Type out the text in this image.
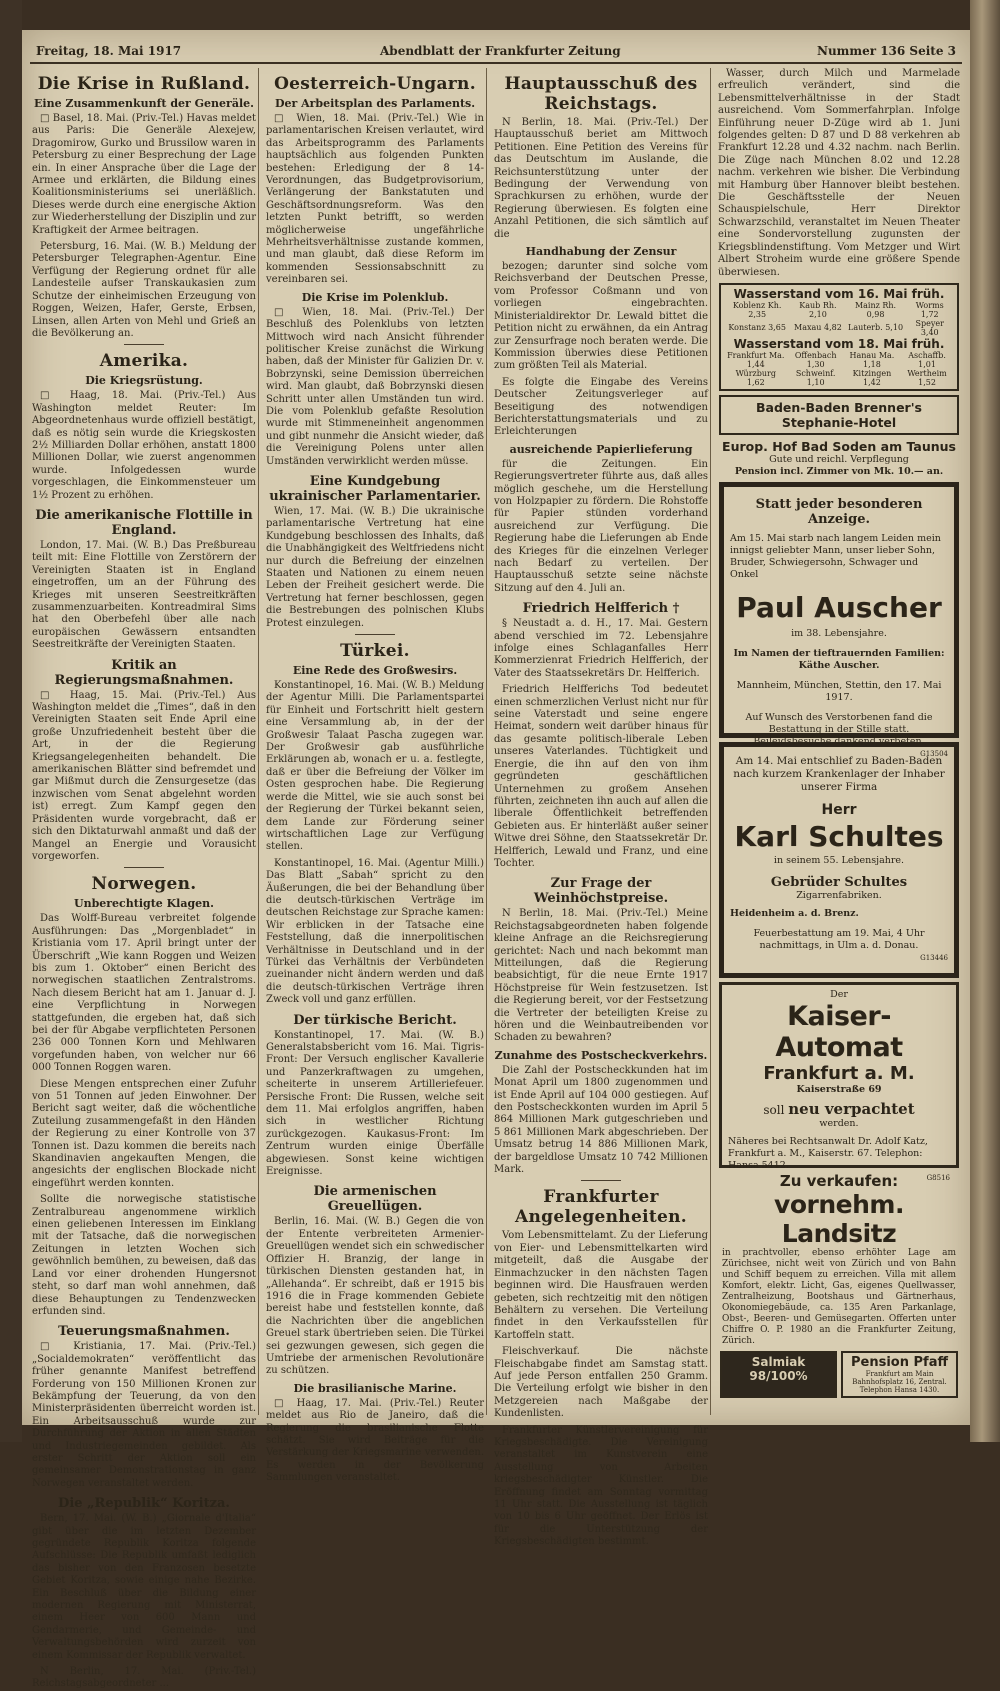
Freitag, 18. Mai 1917	Abendblatt der Frankfurter Zeitung	Nummer 136 Seite 3
Die Krise in Rußland.
Eine Zusammenkunft der Generäle.

□ Basel, 18. Mai. (Priv.-Tel.) Havas meldet aus Paris: Die Generäle Alexejew, Dragomirow, Gurko und Brussilow waren in Petersburg zu einer Besprechung der Lage ein. In einer Ansprache über die Lage der Armee und erklärten, die Bildung eines Koalitionsministeriums sei unerläßlich. Dieses werde durch eine energische Aktion zur Wiederherstellung der Disziplin und zur Kraftigkeit der Armee beitragen.

Petersburg, 16. Mai. (W. B.) Meldung der Petersburger Telegraphen-Agentur. Eine Verfügung der Regierung ordnet für alle Landesteile aufser Transkaukasien zum Schutze der einheimischen Erzeugung von Roggen, Weizen, Hafer, Gerste, Erbsen, Linsen, allen Arten von Mehl und Grieß an die Bevölkerung an.

Amerika.
Die Kriegsrüstung.

□ Haag, 18. Mai. (Priv.-Tel.) Aus Washington meldet Reuter: Im Abgeordnetenhaus wurde offiziell bestätigt, daß es nötig sein wurde die Kriegskosten 2½ Milliarden Dollar erhöhen, anstatt 1800 Millionen Dollar, wie zuerst angenommen wurde. Infolgedessen wurde vorgeschlagen, die Einkommensteuer um 1½ Prozent zu erhöhen.

Die amerikanische Flottille in England.

London, 17. Mai. (W. B.) Das Preßbureau teilt mit: Eine Flottille von Zerstörern der Vereinigten Staaten ist in England eingetroffen, um an der Führung des Krieges mit unseren Seestreitkräften zusammenzuarbeiten. Kontreadmiral Sims hat den Oberbefehl über alle nach europäischen Gewässern entsandten Seestreitkräfte der Vereinigten Staaten.

Kritik an Regierungsmaßnahmen.

□ Haag, 15. Mai. (Priv.-Tel.) Aus Washington meldet die „Times“, daß in den Vereinigten Staaten seit Ende April eine große Unzufriedenheit besteht über die Art, in der die Regierung Kriegsangelegenheiten behandelt. Die amerikanischen Blätter sind befremdet und gar Mißmut durch die Zensurgesetze (das inzwischen vom Senat abgelehnt worden ist) erregt. Zum Kampf gegen den Präsidenten wurde vorgebracht, daß er sich den Diktaturwahl anmaßt und daß der Mangel an Energie und Vorausicht vorgeworfen.

Norwegen.
Unberechtigte Klagen.

Das Wolff-Bureau verbreitet folgende Ausführungen: Das „Morgenbladet“ in Kristiania vom 17. April bringt unter der Überschrift „Wie kann Roggen und Weizen bis zum 1. Oktober“ einen Bericht des norwegischen staatlichen Zentralstroms. Nach diesem Bericht hat am 1. Januar d. J. eine Verpflichtung in Norwegen stattgefunden, die ergeben hat, daß sich bei der für Abgabe verpflichteten Personen 236 000 Tonnen Korn und Mehlwaren vorgefunden haben, von welcher nur 66 000 Tonnen Roggen waren.

Diese Mengen entsprechen einer Zufuhr von 51 Tonnen auf jeden Einwohner. Der Bericht sagt weiter, daß die wöchentliche Zuteilung zusammengefaßt in den Händen der Regierung zu einer Kontrolle von 37 Tonnen ist. Dazu kommen die bereits nach Skandinavien angekauften Mengen, die angesichts der englischen Blockade nicht eingeführt werden konnten.

Sollte die norwegische statistische Zentralbureau angenommene wirklich einen geliebenen Interessen im Einklang mit der Tatsache, daß die norwegischen Zeitungen in letzten Wochen sich gewöhnlich bemühen, zu beweisen, daß das Land vor einer drohenden Hungersnot steht, so darf man wohl annehmen, daß diese Behauptungen zu Tendenzwecken erfunden sind.

Teuerungsmaßnahmen.

□ Kristiania, 17. Mai. (Priv.-Tel.) „Socialdemokraten“ veröffentlicht das früher genannte Manifest betreffend Forderung von 150 Millionen Kronen zur Bekämpfung der Teuerung, da von den Ministerpräsidenten überreicht worden ist. Ein Arbeitsausschuß wurde zur Durchführung der Aktion in allen Städten und Industriegemeinden gebildet. Als erster Schritt der Aktion soll ein gemeinsamer Demonstrationstag in ganz Norwegen veranstaltet werden.

Die „Republik“ Koritza.

Bern, 17. Mai. (W. B.) „Giornale d'Italia“ gibt über die im letzten Dezember gegründete Republik Koritza folgende Aufschlüsse: Die Republik umfaßt lediglich das bisher von den Franzosen besetzte Gebiet Koritza, sowie einige nahe Bezirke. Ein Beschluß über die Bildung einer modernen Regierung mit Ministerrat, einem Heer von 600 Mann und Gendarmerie, und Gemeinde- und Verwaltungsbehörden wird zurzeit von einem Kommissar der Republik verwaltet.

N Berlin, 17. Mai. (Priv.-Tel.) Reichstagsabgeordneter ...

Oesterreich-Ungarn.
Der Arbeitsplan des Parlaments.

□ Wien, 18. Mai. (Priv.-Tel.) Wie in parlamentarischen Kreisen verlautet, wird das Arbeitsprogramm des Parlaments hauptsächlich aus folgenden Punkten bestehen: Erledigung der 8 14-Verordnungen, das Budgetprovisorium, Verlängerung der Bankstatuten und Geschäftsordnungsreform. Was den letzten Punkt betrifft, so werden möglicherweise ungefährliche Mehrheitsverhältnisse zustande kommen, und man glaubt, daß diese Reform im kommenden Sessionsabschnitt zu vereinbaren sei.

Die Krise im Polenklub.

□ Wien, 18. Mai. (Priv.-Tel.) Der Beschluß des Polenklubs von letzten Mittwoch wird nach Ansicht führender politischer Kreise zunächst die Wirkung haben, daß der Minister für Galizien Dr. v. Bobrzynski, seine Demission überreichen wird. Man glaubt, daß Bobrzynski diesen Schritt unter allen Umständen tun wird. Die vom Polenklub gefaßte Resolution wurde mit Stimmeneinheit angenommen und gibt nunmehr die Ansicht wieder, daß die Vereinigung Polens unter allen Umständen verwirklicht werden müsse.

Eine Kundgebung ukrainischer Parlamentarier.

Wien, 17. Mai. (W. B.) Die ukrainische parlamentarische Vertretung hat eine Kundgebung beschlossen des Inhalts, daß die Unabhängigkeit des Weltfriedens nicht nur durch die Befreiung der einzelnen Staaten und Nationen zu einem neuen Leben der Freiheit gesichert werde. Die Vertretung hat ferner beschlossen, gegen die Bestrebungen des polnischen Klubs Protest einzulegen.

Türkei.
Eine Rede des Großwesirs.

Konstantinopel, 16. Mai. (W. B.) Meldung der Agentur Milli. Die Parlamentspartei für Einheit und Fortschritt hielt gestern eine Versammlung ab, in der der Großwesir Talaat Pascha zugegen war. Der Großwesir gab ausführliche Erklärungen ab, wonach er u. a. festlegte, daß er über die Befreiung der Völker im Osten gesprochen habe. Die Regierung werde die Mittel, wie sie auch sonst bei der Regierung der Türkei bekannt seien, dem Lande zur Förderung seiner wirtschaftlichen Lage zur Verfügung stellen.

Konstantinopel, 16. Mai. (Agentur Milli.) Das Blatt „Sabah“ spricht zu den Äußerungen, die bei der Behandlung über die deutsch-türkischen Verträge im deutschen Reichstage zur Sprache kamen: Wir erblicken in der Tatsache eine Feststellung, daß die innerpolitischen Verhältnisse in Deutschland und in der Türkei das Verhältnis der Verbündeten zueinander nicht ändern werden und daß die deutsch-türkischen Verträge ihren Zweck voll und ganz erfüllen.

Der türkische Bericht.

Konstantinopel, 17. Mai. (W. B.) Generalstabsbericht vom 16. Mai. Tigris-Front: Der Versuch englischer Kavallerie und Panzerkraftwagen zu umgehen, scheiterte in unserem Artilleriefeuer. Persische Front: Die Russen, welche seit dem 11. Mai erfolglos angriffen, haben sich in westlicher Richtung zurückgezogen. Kaukasus-Front: Im Zentrum wurden einige Überfälle abgewiesen. Sonst keine wichtigen Ereignisse.

Die armenischen Greuellügen.

Berlin, 16. Mai. (W. B.) Gegen die von der Entente verbreiteten Armenier-Greuellügen wendet sich ein schwedischer Offizier H. Branzig, der lange in türkischen Diensten gestanden hat, in „Allehanda“. Er schreibt, daß er 1915 bis 1916 die in Frage kommenden Gebiete bereist habe und feststellen konnte, daß die Nachrichten über die angeblichen Greuel stark übertrieben seien. Die Türkei sei gezwungen gewesen, sich gegen die Umtriebe der armenischen Revolutionäre zu schützen.

Die brasilianische Marine.

□ Haag, 17. Mai. (Priv.-Tel.) Reuter meldet aus Rio de Janeiro, daß die Regierung die brasilianische Flotte schätzt. Sie wird Beiträge für die Verstärkung der Kriegsmarine verwenden. Es werden in der Bevölkerung Sammlungen veranstaltet.

Hauptausschuß des Reichstags.

N Berlin, 18. Mai. (Priv.-Tel.) Der Hauptausschuß beriet am Mittwoch Petitionen. Eine Petition des Vereins für das Deutschtum im Auslande, die Reichsunterstützung unter der Bedingung der Verwendung von Sprachkursen zu erhöhen, wurde der Regierung überwiesen. Es folgten eine Anzahl Petitionen, die sich sämtlich auf die

Handhabung der Zensur

bezogen; darunter sind solche vom Reichsverband der Deutschen Presse, vom Professor Coßmann und von vorliegen eingebrachten. Ministerialdirektor Dr. Lewald bittet die Petition nicht zu erwähnen, da ein Antrag zur Zensurfrage noch beraten werde. Die Kommission überwies diese Petitionen zum größten Teil als Material.

Es folgte die Eingabe des Vereins Deutscher Zeitungsverleger auf Beseitigung des notwendigen Berichterstattungsmaterials und zu Erleichterungen

ausreichende Papierlieferung

für die Zeitungen. Ein Regierungsvertreter führte aus, daß alles möglich geschehe, um die Herstellung von Holzpapier zu fördern. Die Rohstoffe für Papier stünden vorderhand ausreichend zur Verfügung. Die Regierung habe die Lieferungen ab Ende des Krieges für die einzelnen Verleger nach Bedarf zu verteilen. Der Hauptausschuß setzte seine nächste Sitzung auf den 4. Juli an.

Friedrich Helfferich †

§ Neustadt a. d. H., 17. Mai. Gestern abend verschied im 72. Lebensjahre infolge eines Schlaganfalles Herr Kommerzienrat Friedrich Helfferich, der Vater des Staatssekretärs Dr. Helfferich.

Friedrich Helfferichs Tod bedeutet einen schmerzlichen Verlust nicht nur für seine Vaterstadt und seine engere Heimat, sondern weit darüber hinaus für das gesamte politisch-liberale Leben unseres Vaterlandes. Tüchtigkeit und Energie, die ihn auf den von ihm gegründeten geschäftlichen Unternehmen zu großem Ansehen führten, zeichneten ihn auch auf allen die liberale Öffentlichkeit betreffenden Gebieten aus. Er hinterläßt außer seiner Witwe drei Söhne, den Staatssekretär Dr. Helfferich, Lewald und Franz, und eine Tochter.

Zur Frage der Weinhöchstpreise.

N Berlin, 18. Mai. (Priv.-Tel.) Meine Reichstagsabgeordneten haben folgende kleine Anfrage an die Reichsregierung gerichtet: Nach und nach bekommt man Mitteilungen, daß die Regierung beabsichtigt, für die neue Ernte 1917 Höchstpreise für Wein festzusetzen. Ist die Regierung bereit, vor der Festsetzung die Vertreter der beteiligten Kreise zu hören und die Weinbautreibenden vor Schaden zu bewahren?

Zunahme des Postscheckverkehrs.

Die Zahl der Postscheckkunden hat im Monat April um 1800 zugenommen und ist Ende April auf 104 000 gestiegen. Auf den Postscheckkonten wurden im April 5 864 Millionen Mark gutgeschrieben und 5 861 Millionen Mark abgeschrieben. Der Umsatz betrug 14 886 Millionen Mark, der bargeldlose Umsatz 10 742 Millionen Mark.

Frankfurter Angelegenheiten.

Vom Lebensmittelamt. Zu der Lieferung von Eier- und Lebensmittelkarten wird mitgeteilt, daß die Ausgabe der Einmachzucker in den nächsten Tagen beginnen wird. Die Hausfrauen werden gebeten, sich rechtzeitig mit den nötigen Behältern zu versehen. Die Verteilung findet in den Verkaufsstellen für Kartoffeln statt.

Fleischverkauf. Die nächste Fleischabgabe findet am Samstag statt. Auf jede Person entfallen 250 Gramm. Die Verteilung erfolgt wie bisher in den Metzgereien nach Maßgabe der Kundenlisten.

Frankfurter Künstlervereinigung für Kriegsbeschädigte. Die Vereinigung veranstaltet im Kunstverein eine Ausstellung von Arbeiten kriegsbeschädigter Künstler. Die Eröffnung findet am Sonntag vormittag 11 Uhr statt. Die Ausstellung ist täglich von 10 bis 6 Uhr geöffnet. Der Erlös ist für die Unterstützung der Kriegsbeschädigten bestimmt.

Wasser, durch Milch und Marmelade erfreulich verändert, sind die Lebensmittelverhältnisse in der Stadt ausreichend. Vom Sommerfahrplan. Infolge Einführung neuer D-Züge wird ab 1. Juni folgendes gelten: D 87 und D 88 verkehren ab Frankfurt 12.28 und 4.32 nachm. nach Berlin. Die Züge nach München 8.02 und 12.28 nachm. verkehren wie bisher. Die Verbindung mit Hamburg über Hannover bleibt bestehen. Die Geschäftsstelle der Neuen Schauspielschule, Herr Direktor Schwarzschild, veranstaltet im Neuen Theater eine Sondervorstellung zugunsten der Kriegsblindenstiftung. Vom Metzger und Wirt Albert Stroheim wurde eine größere Spende überwiesen.

Wasserstand vom 16. Mai früh.
Koblenz Kh. 2,35	Kaub Rh. 2,10	Mainz Rh. 0,98	Worms 1,72
Konstanz 3,65	Maxau 4,82	Lauterb. 5,10	Speyer 3,40
Wasserstand vom 18. Mai früh.
Frankfurt Ma. 1,44	Offenbach 1,30	Hanau Ma. 1,18	Aschaffb. 1,01
Würzburg 1,62	Schweinf. 1,10	Kitzingen 1,42	Wertheim 1,52
Baden-Baden Brenner's Stephanie-Hotel
Europ. Hof Bad Soden am Taunus
Gute und reichl. Verpflegung
Pension incl. Zimmer von Mk. 10.— an.
Statt jeder besonderen Anzeige.
Am 15. Mai starb nach langem Leiden mein innigst geliebter Mann, unser lieber Sohn, Bruder, Schwiegersohn, Schwager und Onkel
Paul Auscher
im 38. Lebensjahre.
Im Namen der tieftrauernden Familien: Käthe Auscher.
Mannheim, München, Stettin, den 17. Mai 1917.
Auf Wunsch des Verstorbenen fand die Bestattung in der Stille statt. Beileidsbesuche dankend verbeten.
G13504
Am 14. Mai entschlief zu Baden-Baden nach kurzem Krankenlager der Inhaber unserer Firma
Herr
Karl Schultes
in seinem 55. Lebensjahre.
Gebrüder Schultes
Zigarrenfabriken.
Heidenheim a. d. Brenz.
Feuerbestattung am 19. Mai, 4 Uhr nachmittags, in Ulm a. d. Donau.
G13446
Der
Kaiser-Automat
Frankfurt a. M.
Kaiserstraße 69
soll neu verpachtet
werden.
Näheres bei Rechtsanwalt Dr. Adolf Katz, Frankfurt a. M., Kaiserstr. 67. Telephon: Hansa 5412.
G8516
Zu verkaufen:
vornehm. Landsitz
in prachtvoller, ebenso erhöhter Lage am Zürichsee, nicht weit von Zürich und von Bahn und Schiff bequem zu erreichen. Villa mit allem Komfort, elektr. Licht, Gas, eigenes Quellwasser, Zentralheizung, Bootshaus und Gärtnerhaus, Okonomiegebäude, ca. 135 Aren Parkanlage, Obst-, Beeren- und Gemüsegarten. Offerten unter Chiffre O. P. 1980 an die Frankfurter Zeitung, Zürich.
Salmiak 98/100%
Pension Pfaff
Frankfurt am Main Bahnhofsplatz 16, Zentral. Telephon Hansa 1430.
